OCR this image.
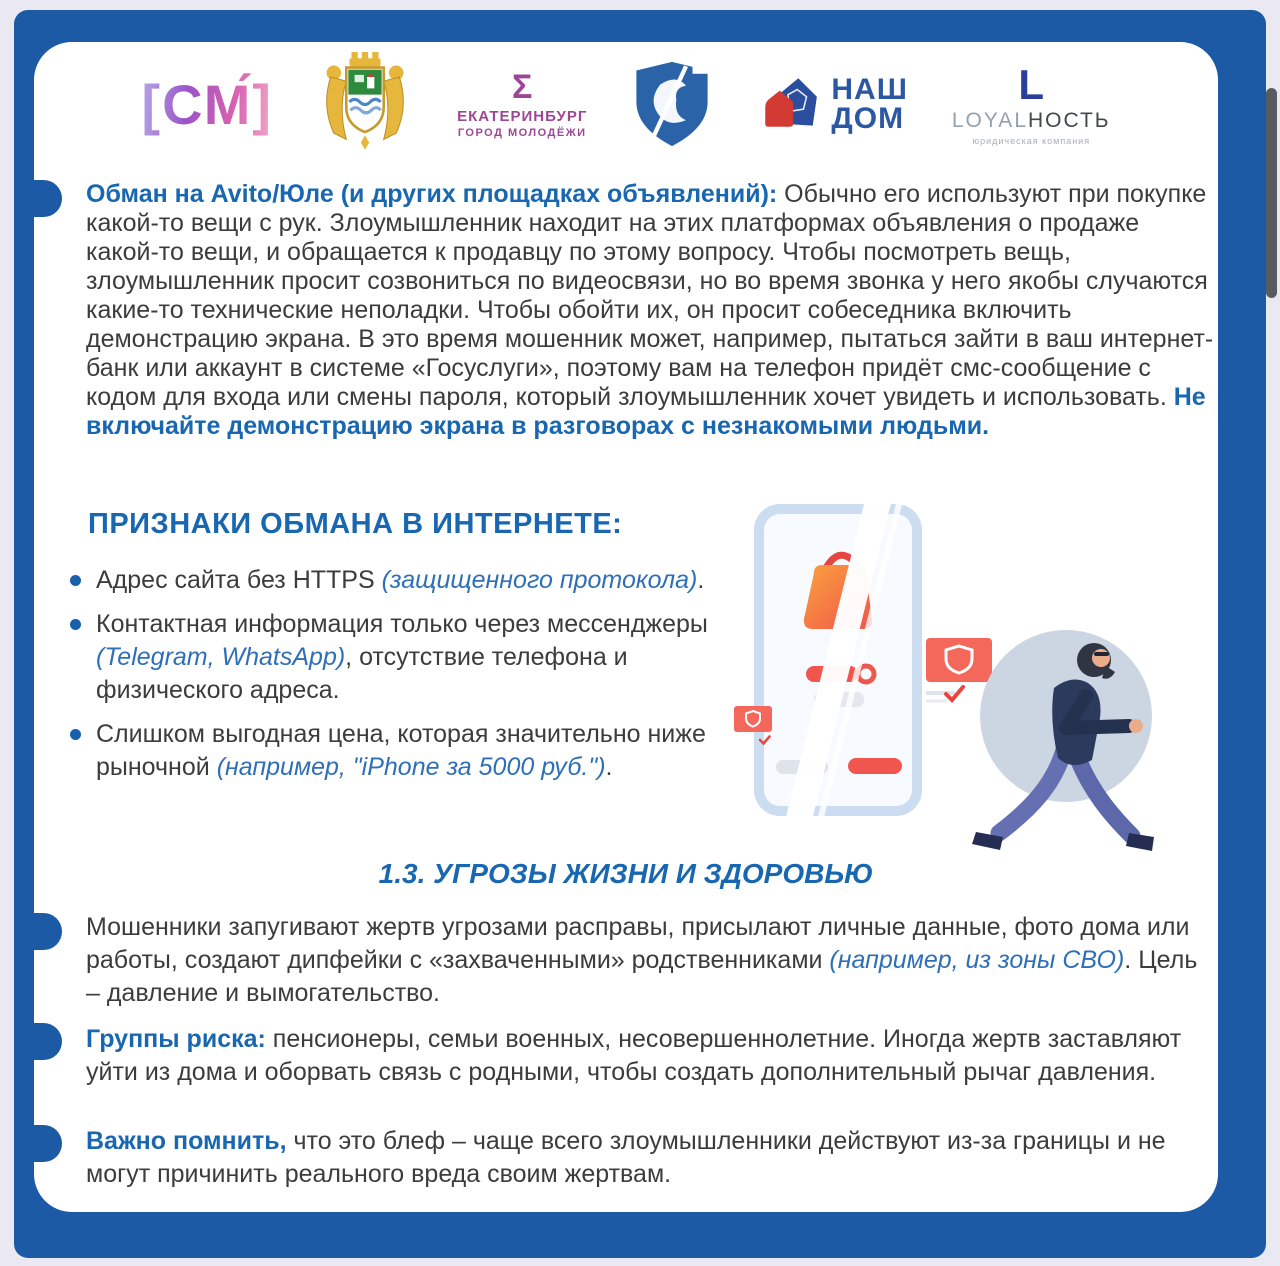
[СМ́]	Σ
ЕКАТЕРИНБУРГ
ГОРОД МОЛОДЁЖИ
НАШ
ДОМ
L
LOYALНОСТЬ
юридическая компания

Обман на Avito/Юле (и других площадках объявлений): Обычно его используют при покупке какой-то вещи с рук. Злоумышленник находит на этих платформах объявления о продаже какой-то вещи, и обращается к продавцу по этому вопросу. Чтобы посмотреть вещь, злоумышленник просит созвониться по видеосвязи, но во время звонка у него якобы случаются какие-то технические неполадки. Чтобы обойти их, он просит собеседника включить демонстрацию экрана. В это время мошенник может, например, пытаться зайти в ваш интернет-банк или аккаунт в системе «Госуслуги», поэтому вам на телефон придёт смс-сообщение с кодом для входа или смены пароля, который злоумышленник хочет увидеть и использовать. Не включайте демонстрацию экрана в разговорах с незнакомыми людьми.

ПРИЗНАКИ ОБМАНА В ИНТЕРНЕТЕ:
Адрес сайта без HTTPS (защищенного протокола).
Контактная информация только через мессенджеры (Telegram, WhatsApp), отсутствие телефона и физического адреса.
Слишком выгодная цена, которая значительно ниже рыночной (например, "iPhone за 5000 руб.").
1.3. УГРОЗЫ ЖИЗНИ И ЗДОРОВЬЮ

Мошенники запугивают жертв угрозами расправы, присылают личные данные, фото дома или работы, создают дипфейки с «захваченными» родственниками (например, из зоны СВО). Цель – давление и вымогательство.

Группы риска: пенсионеры, семьи военных, несовершеннолетние. Иногда жертв заставляют уйти из дома и оборвать связь с родными, чтобы создать дополнительный рычаг давления.

Важно помнить, что это блеф – чаще всего злоумышленники действуют из-за границы и не могут причинить реального вреда своим жертвам.
